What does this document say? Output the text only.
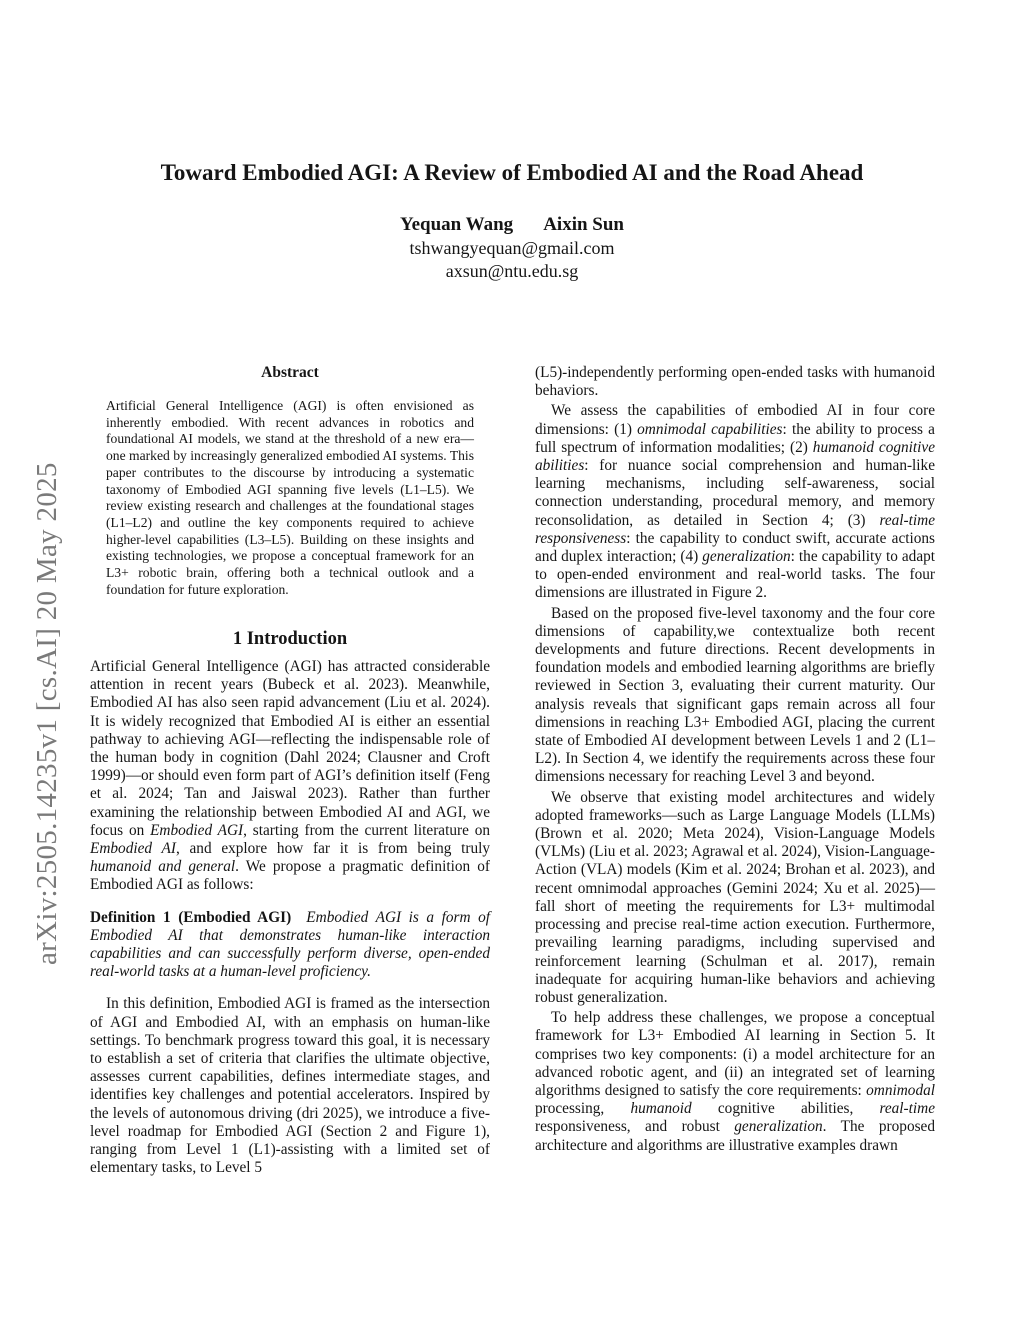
Toward Embodied AGI: A Review of Embodied AI and the Road Ahead
Yequan Wang Aixin Sun
tshwangyequan@gmail.com
axsun@ntu.edu.sg
arXiv:2505.14235v1 [cs.AI] 20 May 2025
Abstract
Artificial General Intelligence (AGI) is often envisioned as inherently embodied. With recent advances in robotics and foundational AI models, we stand at the threshold of a new era—one marked by increasingly generalized embodied AI systems. This paper contributes to the discourse by introducing a systematic taxonomy of Embodied AGI spanning five levels (L1–L5). We review existing research and challenges at the foundational stages (L1–L2) and outline the key components required to achieve higher-level capabilities (L3–L5). Building on these insights and existing technologies, we propose a conceptual framework for an L3+ robotic brain, offering both a technical outlook and a foundation for future exploration.
1 Introduction

Artificial General Intelligence (AGI) has attracted considerable attention in recent years (Bubeck et al. 2023). Meanwhile, Embodied AI has also seen rapid advancement (Liu et al. 2024). It is widely recognized that Embodied AI is either an essential pathway to achieving AGI—reflecting the indispensable role of the human body in cognition (Dahl 2024; Clausner and Croft 1999)—or should even form part of AGI’s definition itself (Feng et al. 2024; Tan and Jaiswal 2023). Rather than further examining the relationship between Embodied AI and AGI, we focus on Embodied AGI, starting from the current literature on Embodied AI, and explore how far it is from being truly humanoid and general. We propose a pragmatic definition of Embodied AGI as follows:

Definition 1 (Embodied AGI) Embodied AGI is a form of Embodied AI that demonstrates human-like interaction capabilities and can successfully perform diverse, open-ended real-world tasks at a human-level proficiency.

In this definition, Embodied AGI is framed as the intersection of AGI and Embodied AI, with an emphasis on human-like settings. To benchmark progress toward this goal, it is necessary to establish a set of criteria that clarifies the ultimate objective, assesses current capabilities, defines intermediate stages, and identifies key challenges and potential accelerators. Inspired by the levels of autonomous driving (dri 2025), we introduce a five-level roadmap for Embodied AGI (Section 2 and Figure 1), ranging from Level 1 (L1)-assisting with a limited set of elementary tasks, to Level 5

(L5)-independently performing open-ended tasks with humanoid behaviors.

We assess the capabilities of embodied AI in four core dimensions: (1) omnimodal capabilities: the ability to process a full spectrum of information modalities; (2) humanoid cognitive abilities: for nuance social comprehension and human-like learning mechanisms, including self-awareness, social connection understanding, procedural memory, and memory reconsolidation, as detailed in Section 4; (3) real-time responsiveness: the capability to conduct swift, accurate actions and duplex interaction; (4) generalization: the capability to adapt to open-ended environment and real-world tasks. The four dimensions are illustrated in Figure 2.

Based on the proposed five-level taxonomy and the four core dimensions of capability,we contextualize both recent developments and future directions. Recent developments in foundation models and embodied learning algorithms are briefly reviewed in Section 3, evaluating their current maturity. Our analysis reveals that significant gaps remain across all four dimensions in reaching L3+ Embodied AGI, placing the current state of Embodied AI development between Levels 1 and 2 (L1–L2). In Section 4, we identify the requirements across these four dimensions necessary for reaching Level 3 and beyond.

We observe that existing model architectures and widely adopted frameworks—such as Large Language Models (LLMs) (Brown et al. 2020; Meta 2024), Vision-Language Models (VLMs) (Liu et al. 2023; Agrawal et al. 2024), Vision-Language-Action (VLA) models (Kim et al. 2024; Brohan et al. 2023), and recent omnimodal approaches (Gemini 2024; Xu et al. 2025)—fall short of meeting the requirements for L3+ multimodal processing and precise real-time action execution. Furthermore, prevailing learning paradigms, including supervised and reinforcement learning (Schulman et al. 2017), remain inadequate for acquiring human-like behaviors and achieving robust generalization.

To help address these challenges, we propose a conceptual framework for L3+ Embodied AI learning in Section 5. It comprises two key components: (i) a model architecture for an advanced robotic agent, and (ii) an integrated set of learning algorithms designed to satisfy the core requirements: omnimodal processing, humanoid cognitive abilities, real-time responsiveness, and robust generalization. The proposed architecture and algorithms are illustrative examples drawn
